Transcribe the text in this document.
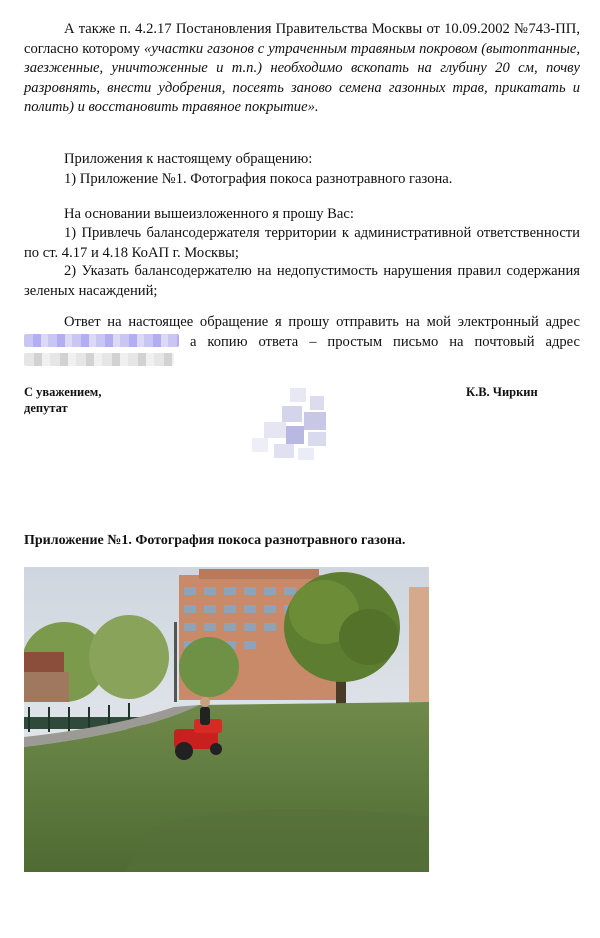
А также п. 4.2.17 Постановления Правительства Москвы от 10.09.2002 №743-ПП, согласно которому «участки газонов с утраченным травяным покровом (вытоптанные, заезженные, уничтоженные и т.п.) необходимо вскопать на глубину 20 см, почву разровнять, внести удобрения, посеять заново семена газонных трав, прикатать и полить) и восстановить травяное покрытие».
Приложения к настоящему обращению:
1) Приложение №1. Фотография покоса разнотравного газона.
На основании вышеизложенного я прошу Вас:
1) Привлечь балансодержателя территории к административной ответственности по ст. 4.17 и 4.18 КоАП г. Москвы;
2) Указать балансодержателю на недопустимость нарушения правил содержания зеленых насаждений;
Ответ на настоящее обращение я прошу отправить на мой электронный адрес  а копию ответа – простым письмо на почтовый адрес
С уважением,
депутат
К.В. Чиркин
Приложение №1. Фотография покоса разнотравного газона.
